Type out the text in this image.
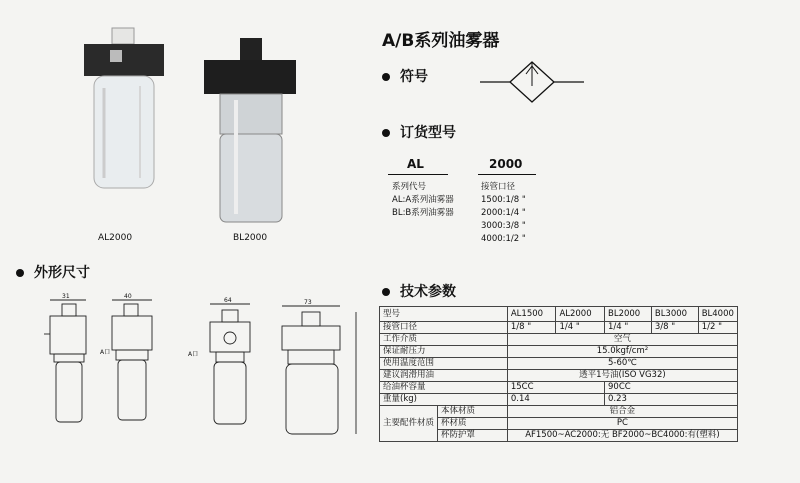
A/B系列油雾器
符号
订货型号
AL	2000
系列代号
AL:A系列油雾器
BL:B系列油雾器
接管口径
1500:1/8 "
2000:1/4 "
3000:3/8 "
4000:1/2 "
AL2000	BL2000
外形尺寸
31	40
64	73
A口	A口
技术参数
型号		AL1500	AL2000	BL2000	BL3000	BL4000
接管口径		1/8 "	1/4 "	1/4 "	3/8 "	1/2 "
工作介质		空气				
保证耐压力		15.0kgf/cm²				
使用温度范围		5-60℃				
建议润滑用油		透平1号油(ISO VG32)				
给油杯容量		15CC		90CC		
重量(kg)		0.14		0.23		
主要配件材质	本体材质	铝合金				
	杯材质	PC				
	杯防护罩	AF1500~AC2000:无 BF2000~BC4000:有(塑料)				
